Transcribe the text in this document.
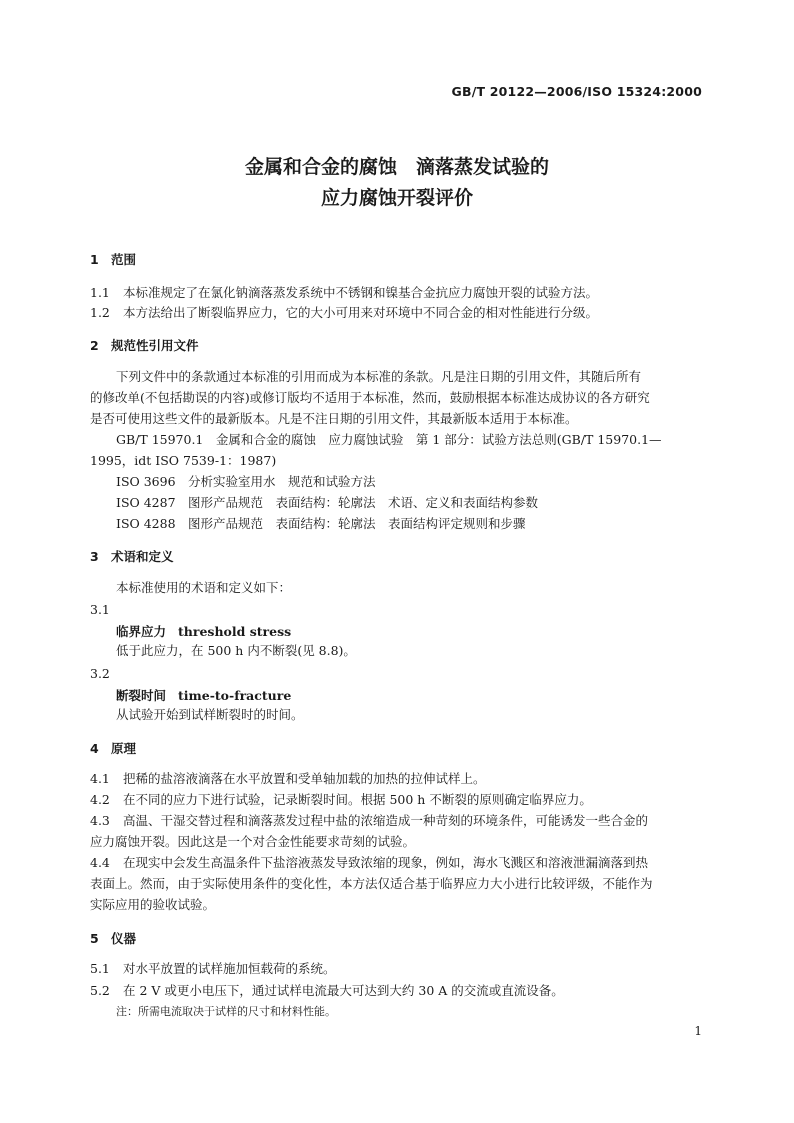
GB/T 20122—2006/ISO 15324:2000
金属和合金的腐蚀　滴落蒸发试验的
应力腐蚀开裂评价
1 范围
1.1 本标准规定了在氯化钠滴落蒸发系统中不锈钢和镍基合金抗应力腐蚀开裂的试验方法。
1.2 本方法给出了断裂临界应力，它的大小可用来对环境中不同合金的相对性能进行分级。
2 规范性引用文件
下列文件中的条款通过本标准的引用而成为本标准的条款。凡是注日期的引用文件，其随后所有
的修改单(不包括勘误的内容)或修订版均不适用于本标准，然而，鼓励根据本标准达成协议的各方研究
是否可使用这些文件的最新版本。凡是不注日期的引用文件，其最新版本适用于本标准。
GB/T 15970.1　金属和合金的腐蚀　应力腐蚀试验　第 1 部分：试验方法总则(GB/T 15970.1—
1995，idt ISO 7539-1：1987)
ISO 3696　分析实验室用水　规范和试验方法
ISO 4287　图形产品规范　表面结构：轮廓法　术语、定义和表面结构参数
ISO 4288　图形产品规范　表面结构：轮廓法　表面结构评定规则和步骤
3 术语和定义
本标准使用的术语和定义如下：
3.1
临界应力 threshold stress
低于此应力，在 500 h 内不断裂(见 8.8)。
3.2
断裂时间 time-to-fracture
从试验开始到试样断裂时的时间。
4 原理
4.1 把稀的盐溶液滴落在水平放置和受单轴加载的加热的拉伸试样上。
4.2 在不同的应力下进行试验，记录断裂时间。根据 500 h 不断裂的原则确定临界应力。
4.3 高温、干湿交替过程和滴落蒸发过程中盐的浓缩造成一种苛刻的环境条件，可能诱发一些合金的
应力腐蚀开裂。因此这是一个对合金性能要求苛刻的试验。
4.4 在现实中会发生高温条件下盐溶液蒸发导致浓缩的现象，例如，海水飞溅区和溶液泄漏滴落到热
表面上。然而，由于实际使用条件的变化性，本方法仅适合基于临界应力大小进行比较评级，不能作为
实际应用的验收试验。
5 仪器
5.1 对水平放置的试样施加恒载荷的系统。
5.2 在 2 V 或更小电压下，通过试样电流最大可达到大约 30 A 的交流或直流设备。
注：所需电流取决于试样的尺寸和材料性能。
1
